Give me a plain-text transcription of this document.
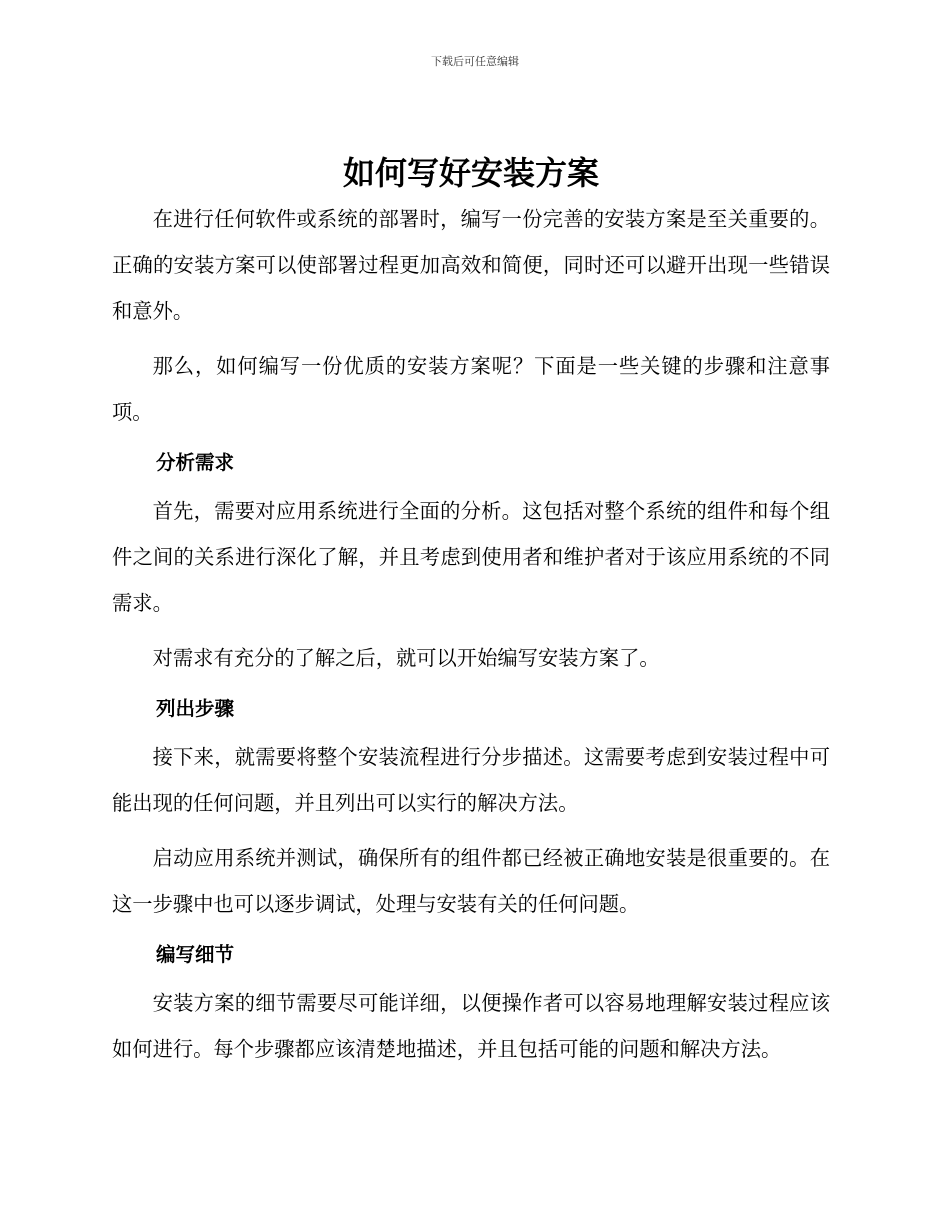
下载后可任意编辑
如何写好安装方案

在进行任何软件或系统的部署时，编写一份完善的安装方案是至关重要的。正确的安装方案可以使部署过程更加高效和简便，同时还可以避开出现一些错误和意外。

那么，如何编写一份优质的安装方案呢？下面是一些关键的步骤和注意事项。

分析需求

首先，需要对应用系统进行全面的分析。这包括对整个系统的组件和每个组件之间的关系进行深化了解，并且考虑到使用者和维护者对于该应用系统的不同需求。

对需求有充分的了解之后，就可以开始编写安装方案了。

列出步骤

接下来，就需要将整个安装流程进行分步描述。这需要考虑到安装过程中可能出现的任何问题，并且列出可以实行的解决方法。

启动应用系统并测试，确保所有的组件都已经被正确地安装是很重要的。在这一步骤中也可以逐步调试，处理与安装有关的任何问题。

编写细节

安装方案的细节需要尽可能详细，以便操作者可以容易地理解安装过程应该如何进行。每个步骤都应该清楚地描述，并且包括可能的问题和解决方法。
